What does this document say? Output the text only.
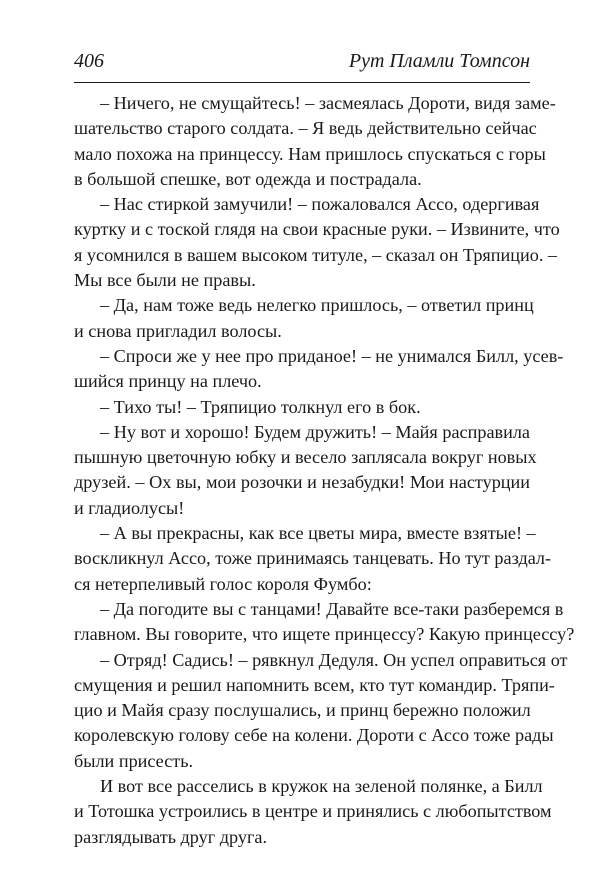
406	Рут Пламли Томпсон

– Ничего, не смущайтесь! – засмеялась Дороти, видя заме-
шательство старого солдата. – Я ведь действительно сейчас
мало похожа на принцессу. Нам пришлось спускаться с горы
в большой спешке, вот одежда и пострадала.

– Нас стиркой замучили! – пожаловался Ассо, одергивая
куртку и с тоской глядя на свои красные руки. – Извините, что
я усомнился в вашем высоком титуле, – сказал он Тряпицио. –
Мы все были не правы.

– Да, нам тоже ведь нелегко пришлось, – ответил принц
и снова пригладил волосы.

– Спроси же у нее про приданое! – не унимался Билл, усев-
шийся принцу на плечо.

– Тихо ты! – Тряпицио толкнул его в бок.

– Ну вот и хорошо! Будем дружить! – Майя расправила
пышную цветочную юбку и весело заплясала вокруг новых
друзей. – Ох вы, мои розочки и незабудки! Мои настурции
и гладиолусы!

– А вы прекрасны, как все цветы мира, вместе взятые! –
воскликнул Ассо, тоже принимаясь танцевать. Но тут раздал-
ся нетерпеливый голос короля Фумбо:

– Да погодите вы с танцами! Давайте все-таки разберемся в
главном. Вы говорите, что ищете принцессу? Какую принцессу?

– Отряд! Садись! – рявкнул Дедуля. Он успел оправиться от
смущения и решил напомнить всем, кто тут командир. Тряпи-
цио и Майя сразу послушались, и принц бережно положил
королевскую голову себе на колени. Дороти с Ассо тоже рады
были присесть.

И вот все расселись в кружок на зеленой полянке, а Билл
и Тотошка устроились в центре и принялись с любопытством
разглядывать друг друга.
